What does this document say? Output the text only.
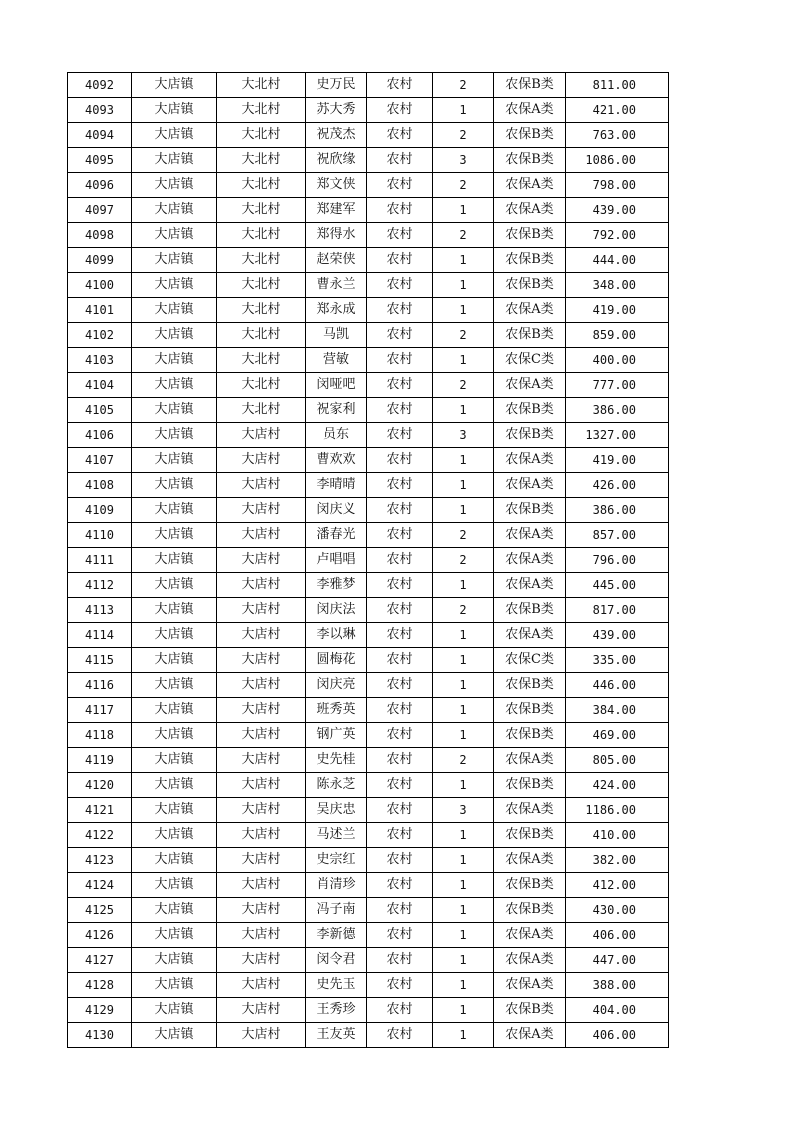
4092	大店镇	大北村	史万民	农村	2	农保B类	811.00
4093	大店镇	大北村	苏大秀	农村	1	农保A类	421.00
4094	大店镇	大北村	祝茂杰	农村	2	农保B类	763.00
4095	大店镇	大北村	祝欣缘	农村	3	农保B类	1086.00
4096	大店镇	大北村	郑文侠	农村	2	农保A类	798.00
4097	大店镇	大北村	郑建军	农村	1	农保A类	439.00
4098	大店镇	大北村	郑得水	农村	2	农保B类	792.00
4099	大店镇	大北村	赵荣侠	农村	1	农保B类	444.00
4100	大店镇	大北村	曹永兰	农村	1	农保B类	348.00
4101	大店镇	大北村	郑永成	农村	1	农保A类	419.00
4102	大店镇	大北村	马凯	农村	2	农保B类	859.00
4103	大店镇	大北村	营敏	农村	1	农保C类	400.00
4104	大店镇	大北村	闵哑吧	农村	2	农保A类	777.00
4105	大店镇	大北村	祝家利	农村	1	农保B类	386.00
4106	大店镇	大店村	员东	农村	3	农保B类	1327.00
4107	大店镇	大店村	曹欢欢	农村	1	农保A类	419.00
4108	大店镇	大店村	李晴晴	农村	1	农保A类	426.00
4109	大店镇	大店村	闵庆义	农村	1	农保B类	386.00
4110	大店镇	大店村	潘春光	农村	2	农保A类	857.00
4111	大店镇	大店村	卢唱唱	农村	2	农保A类	796.00
4112	大店镇	大店村	李雅梦	农村	1	农保A类	445.00
4113	大店镇	大店村	闵庆法	农村	2	农保B类	817.00
4114	大店镇	大店村	李以琳	农村	1	农保A类	439.00
4115	大店镇	大店村	圆梅花	农村	1	农保C类	335.00
4116	大店镇	大店村	闵庆亮	农村	1	农保B类	446.00
4117	大店镇	大店村	班秀英	农村	1	农保B类	384.00
4118	大店镇	大店村	钢广英	农村	1	农保B类	469.00
4119	大店镇	大店村	史先桂	农村	2	农保A类	805.00
4120	大店镇	大店村	陈永芝	农村	1	农保B类	424.00
4121	大店镇	大店村	吴庆忠	农村	3	农保A类	1186.00
4122	大店镇	大店村	马述兰	农村	1	农保B类	410.00
4123	大店镇	大店村	史宗红	农村	1	农保A类	382.00
4124	大店镇	大店村	肖清珍	农村	1	农保B类	412.00
4125	大店镇	大店村	冯子南	农村	1	农保B类	430.00
4126	大店镇	大店村	李新德	农村	1	农保A类	406.00
4127	大店镇	大店村	闵令君	农村	1	农保A类	447.00
4128	大店镇	大店村	史先玉	农村	1	农保A类	388.00
4129	大店镇	大店村	王秀珍	农村	1	农保B类	404.00
4130	大店镇	大店村	王友英	农村	1	农保A类	406.00
